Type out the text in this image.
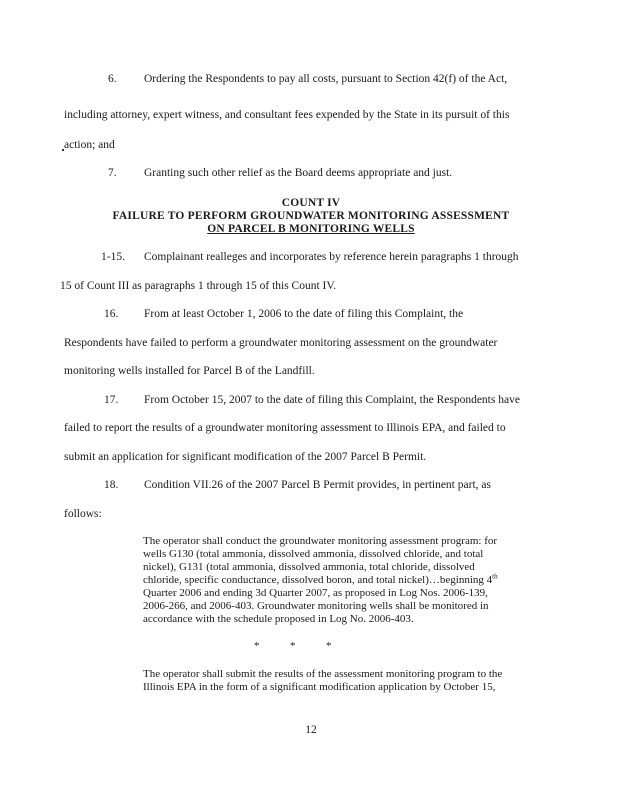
6. Ordering the Respondents to pay all costs, pursuant to Section 42(f) of the Act,
including attorney, expert witness, and consultant fees expended by the State in its pursuit of this
action; and
7. Granting such other relief as the Board deems appropriate and just.
COUNT IV
FAILURE TO PERFORM GROUNDWATER MONITORING ASSESSMENT
ON PARCEL B MONITORING WELLS
1-15. Complainant realleges and incorporates by reference herein paragraphs 1 through
15 of Count III as paragraphs 1 through 15 of this Count IV.
16. From at least October 1, 2006 to the date of filing this Complaint, the
Respondents have failed to perform a groundwater monitoring assessment on the groundwater
monitoring wells installed for Parcel B of the Landfill.
17. From October 15, 2007 to the date of filing this Complaint, the Respondents have
failed to report the results of a groundwater monitoring assessment to Illinois EPA, and failed to
submit an application for significant modification of the 2007 Parcel B Permit.
18. Condition VII.26 of the 2007 Parcel B Permit provides, in pertinent part, as
follows:
The operator shall conduct the groundwater monitoring assessment program: for
wells G130 (total ammonia, dissolved ammonia, dissolved chloride, and total
nickel), G131 (total ammonia, dissolved ammonia, total chloride, dissolved
chloride, specific conductance, dissolved boron, and total nickel)…beginning 4th
Quarter 2006 and ending 3d Quarter 2007, as proposed in Log Nos. 2006-139,
2006-266, and 2006-403. Groundwater monitoring wells shall be monitored in
accordance with the schedule proposed in Log No. 2006-403.
*	*	*
The operator shall submit the results of the assessment monitoring program to the
Illinois EPA in the form of a significant modification application by October 15,
12
